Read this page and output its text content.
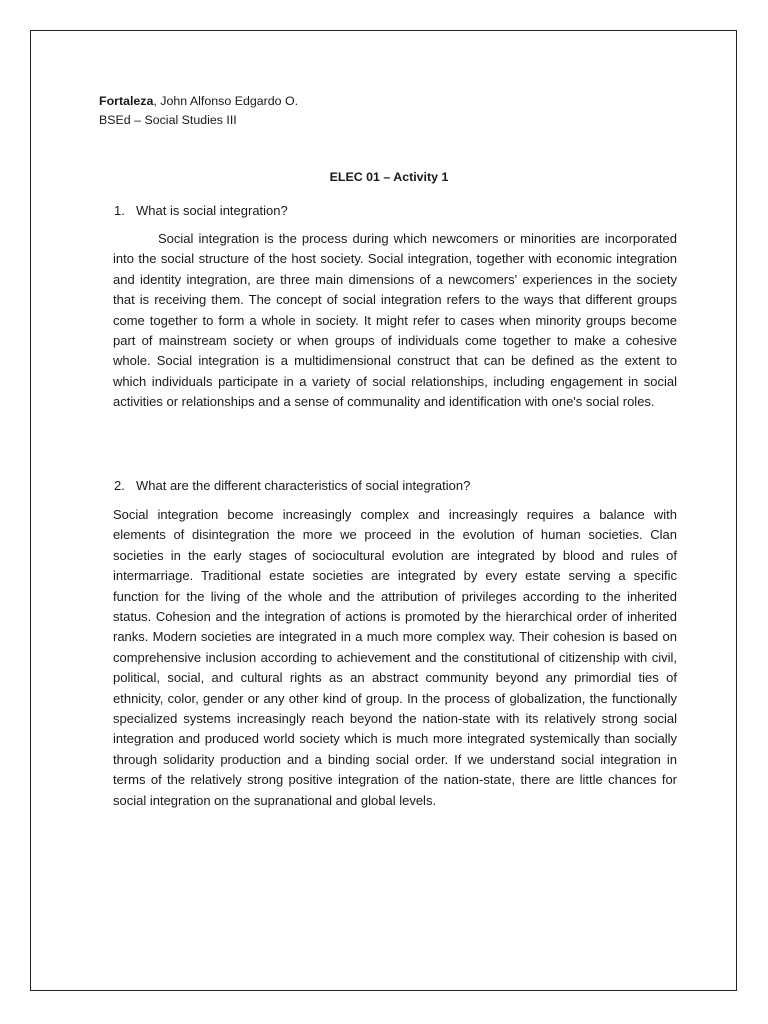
Fortaleza, John Alfonso Edgardo O.
BSEd – Social Studies III
ELEC 01 – Activity 1
1. What is social integration?
Social integration is the process during which newcomers or minorities are incorporated into the social structure of the host society. Social integration, together with economic integration and identity integration, are three main dimensions of a newcomers' experiences in the society that is receiving them. The concept of social integration refers to the ways that different groups come together to form a whole in society. It might refer to cases when minority groups become part of mainstream society or when groups of individuals come together to make a cohesive whole. Social integration is a multidimensional construct that can be defined as the extent to which individuals participate in a variety of social relationships, including engagement in social activities or relationships and a sense of communality and identification with one's social roles.
2. What are the different characteristics of social integration?
Social integration become increasingly complex and increasingly requires a balance with elements of disintegration the more we proceed in the evolution of human societies. Clan societies in the early stages of sociocultural evolution are integrated by blood and rules of intermarriage. Traditional estate societies are integrated by every estate serving a specific function for the living of the whole and the attribution of privileges according to the inherited status. Cohesion and the integration of actions is promoted by the hierarchical order of inherited ranks. Modern societies are integrated in a much more complex way. Their cohesion is based on comprehensive inclusion according to achievement and the constitutional of citizenship with civil, political, social, and cultural rights as an abstract community beyond any primordial ties of ethnicity, color, gender or any other kind of group. In the process of globalization, the functionally specialized systems increasingly reach beyond the nation-state with its relatively strong social integration and produced world society which is much more integrated systemically than socially through solidarity production and a binding social order. If we understand social integration in terms of the relatively strong positive integration of the nation-state, there are little chances for social integration on the supranational and global levels.
